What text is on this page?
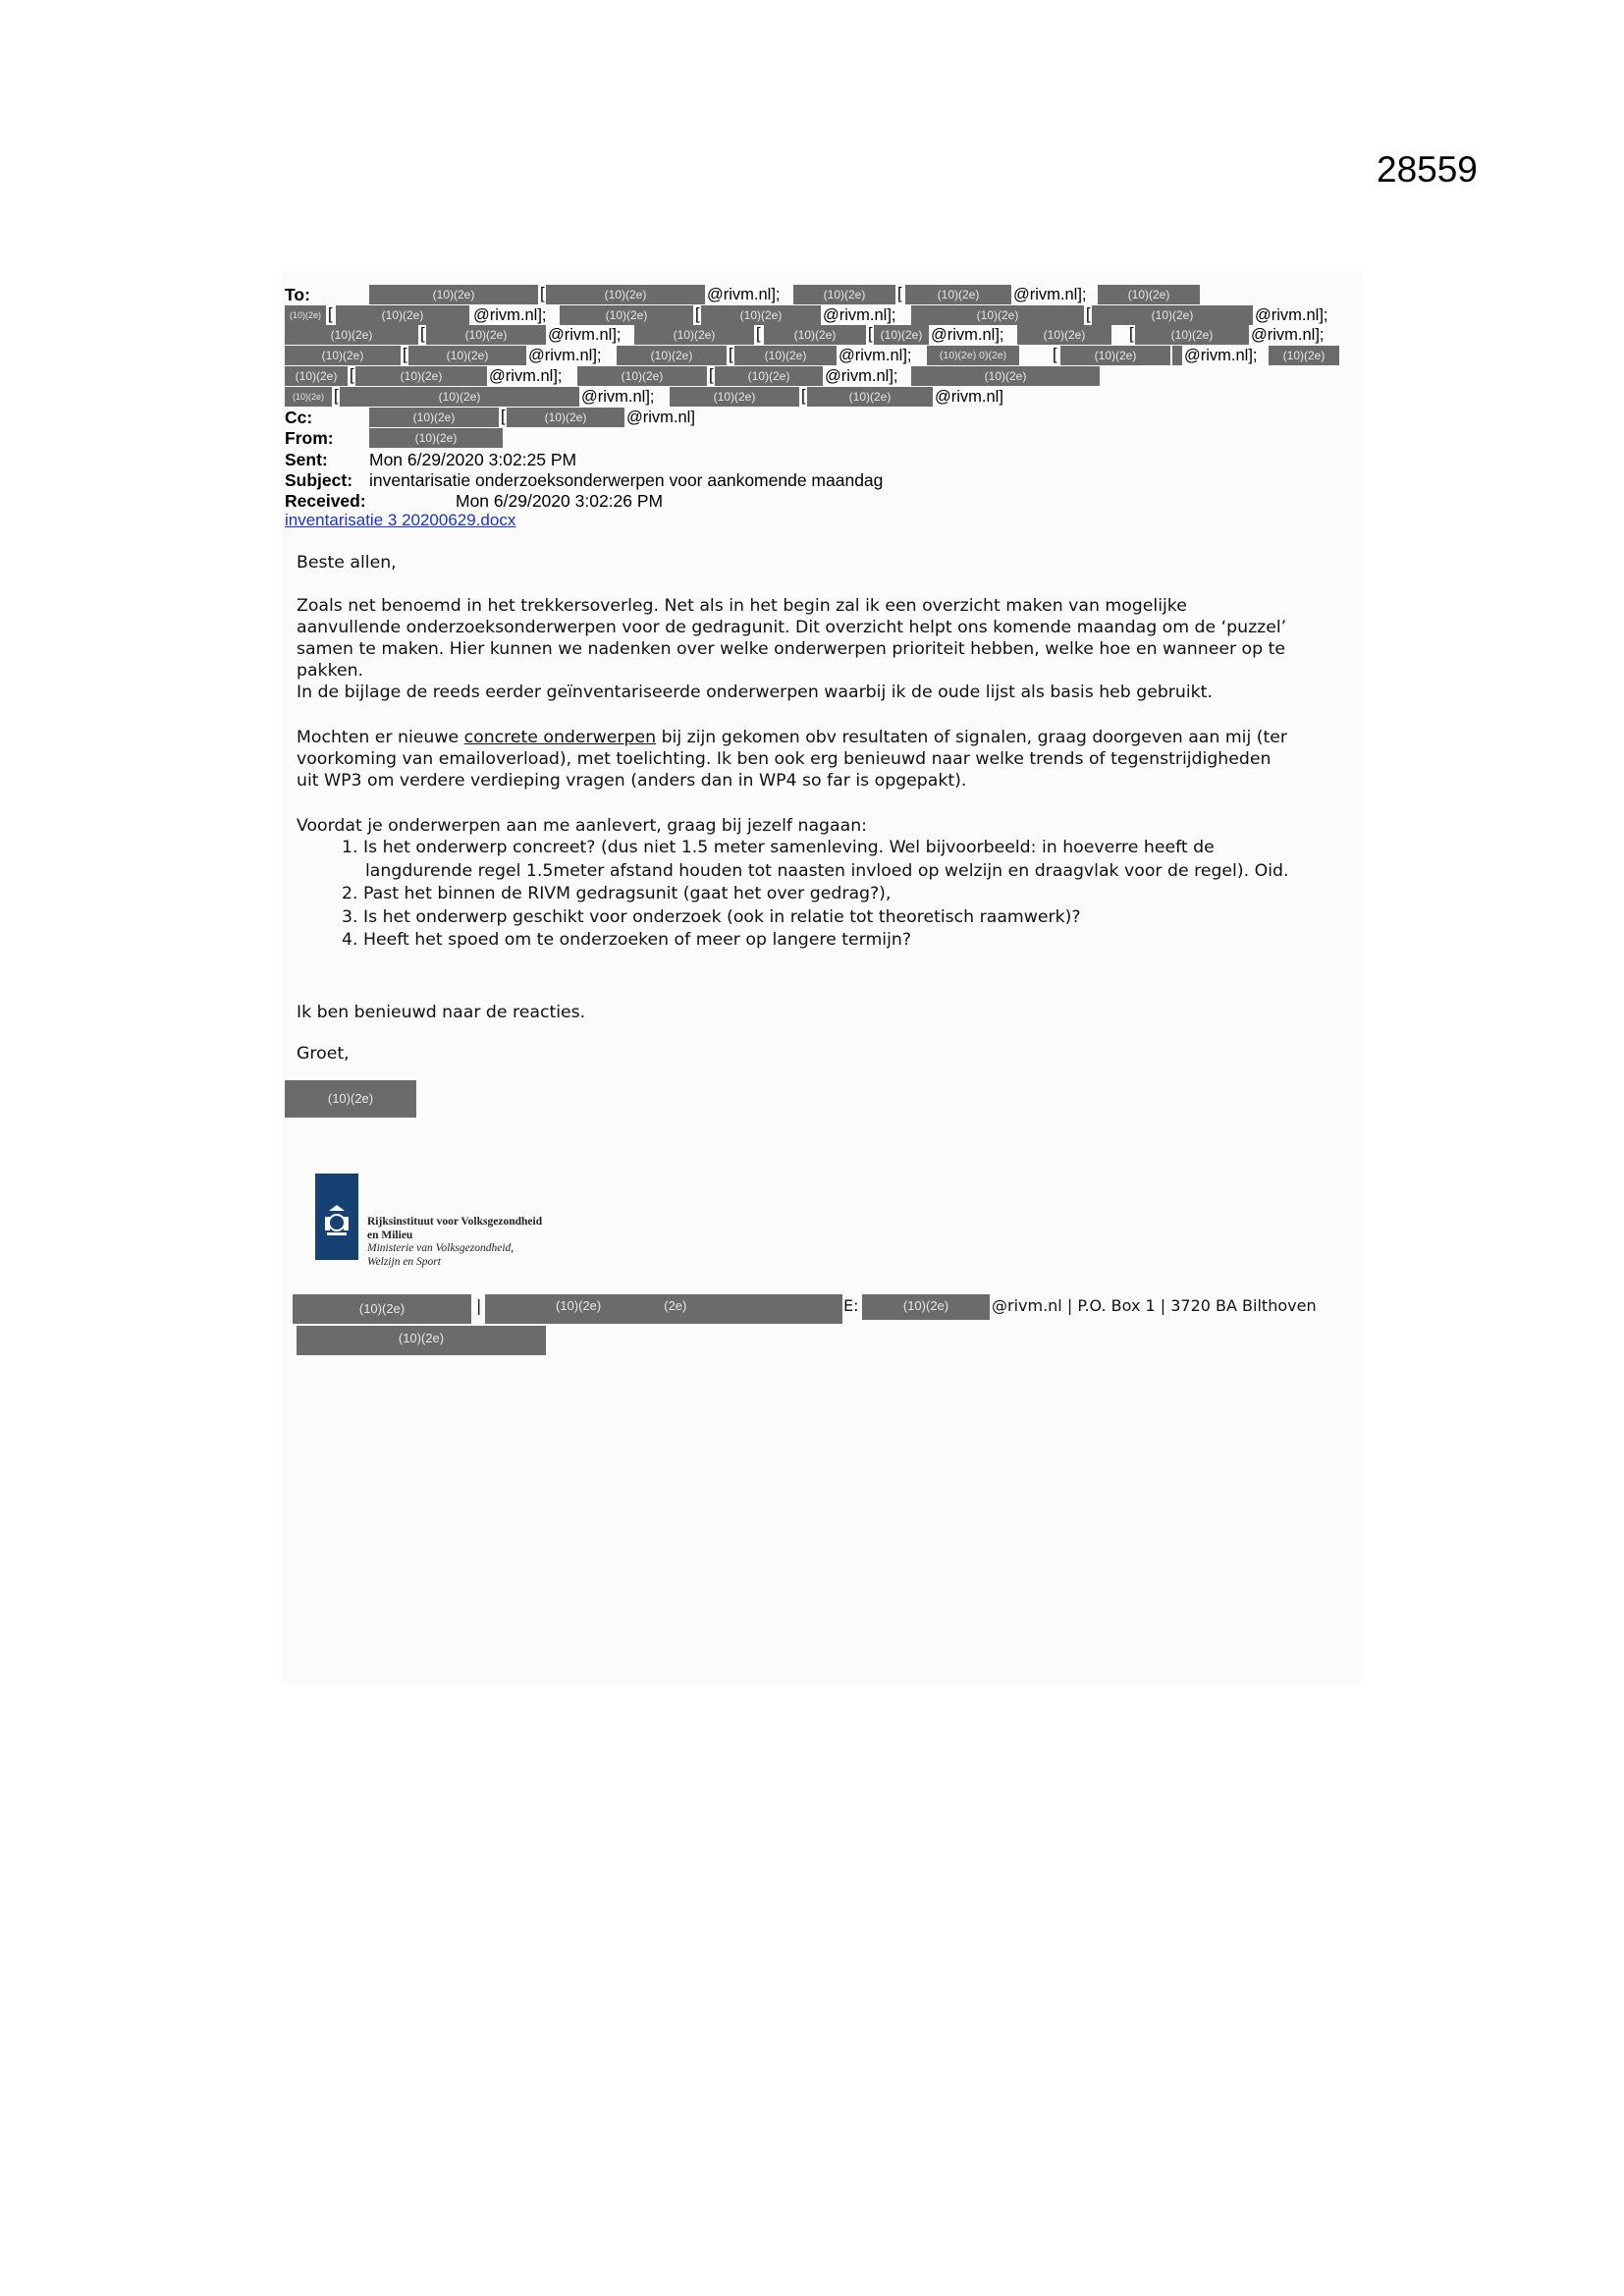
28559
To:	(10)(2e)	[	(10)(2e)	@rivm.nl];	(10)(2e)	[	(10)(2e)	@rivm.nl];	(10)(2e)
(10)(2e) [	(10)(2e)	@rivm.nl];	(10)(2e)	[	(10)(2e)	@rivm.nl];	(10)(2e)	[	(10)(2e)	@rivm.nl];
(10)(2e)	[	(10)(2e)	@rivm.nl];	(10)(2e)	[	(10)(2e)	[ (10)(2e) @rivm.nl];	(10)(2e)	[	(10)(2e)	@rivm.nl];
(10)(2e)	[	(10)(2e)	@rivm.nl];	(10)(2e)	[	(10)(2e)	@rivm.nl];	(10)(2e) 0)(2e)	[	(10)(2e)	@rivm.nl];	(10)(2e)
(10)(2e) [	(10)(2e)	@rivm.nl];	(10)(2e)	[	(10)(2e)	@rivm.nl];	(10)(2e)
(10)(2e) [	(10)(2e)	@rivm.nl];	(10)(2e)	[	(10)(2e)	@rivm.nl]
Cc:	(10)(2e)	[	(10)(2e)	@rivm.nl]
From:	(10)(2e)
Sent: Mon 6/29/2020 3:02:25 PM
Subject: inventarisatie onderzoeksonderwerpen voor aankomende maandag
Received:	Mon 6/29/2020 3:02:26 PM
inventarisatie 3 20200629.docx
Beste allen,

Zoals net benoemd in het trekkersoverleg. Net als in het begin zal ik een overzicht maken van mogelijke

aanvullende onderzoeksonderwerpen voor de gedragunit. Dit overzicht helpt ons komende maandag om de ‘puzzel’

samen te maken. Hier kunnen we nadenken over welke onderwerpen prioriteit hebben, welke hoe en wanneer op te

pakken.

In de bijlage de reeds eerder geïnventariseerde onderwerpen waarbij ik de oude lijst als basis heb gebruikt.

Mochten er nieuwe concrete onderwerpen bij zijn gekomen obv resultaten of signalen, graag doorgeven aan mij (ter

voorkoming van emailoverload), met toelichting. Ik ben ook erg benieuwd naar welke trends of tegenstrijdigheden

uit WP3 om verdere verdieping vragen (anders dan in WP4 so far is opgepakt).

Voordat je onderwerpen aan me aanlevert, graag bij jezelf nagaan:
1. Is het onderwerp concreet? (dus niet 1.5 meter samenleving. Wel bijvoorbeeld: in hoeverre heeft de
langdurende regel 1.5meter afstand houden tot naasten invloed op welzijn en draagvlak voor de regel). Oid.
2. Past het binnen de RIVM gedragsunit (gaat het over gedrag?),
3. Is het onderwerp geschikt voor onderzoek (ook in relatie tot theoretisch raamwerk)?
4. Heeft het spoed om te onderzoeken of meer op langere termijn?
Ik ben benieuwd naar de reacties.
Groet,
(10)(2e)
Rijksinstituut voor Volksgezondheid
en Milieu
Ministerie van Volksgezondheid,
Welzijn en Sport
(10)(2e)	|	(10)(2e)	(2e)	E:	(10)(2e)	@rivm.nl | P.O. Box 1 | 3720 BA Bilthoven
(10)(2e)
